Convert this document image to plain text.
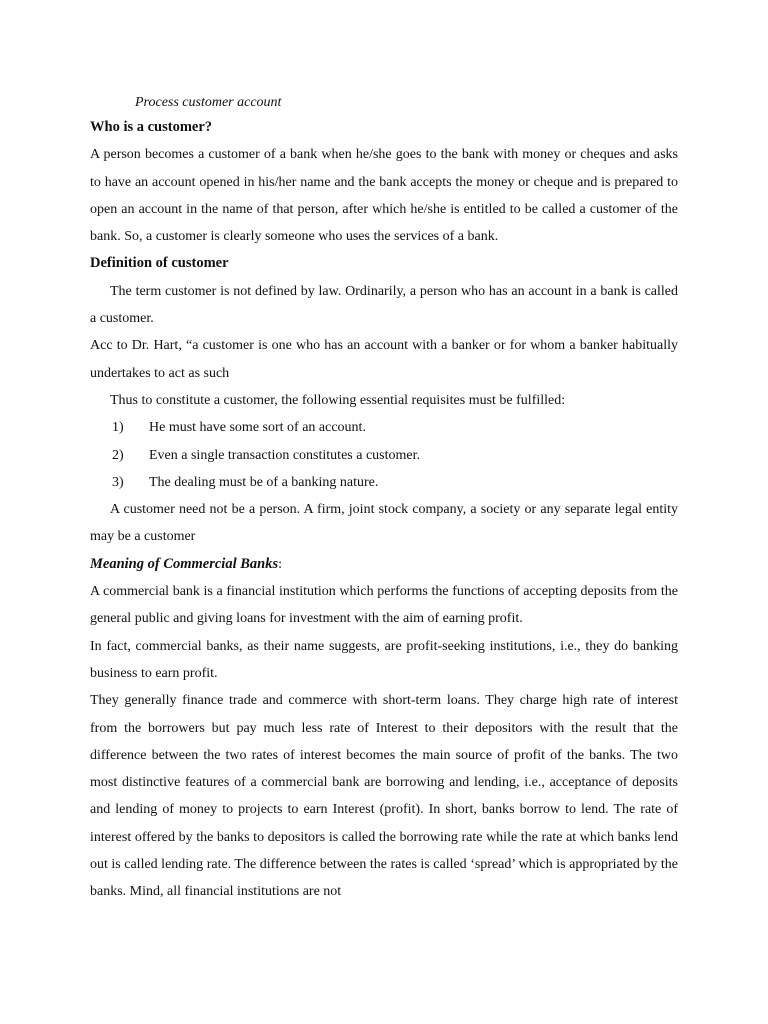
Process customer account

Who is a customer?

A person becomes a customer of a bank when he/she goes to the bank with money or cheques and asks to have an account opened in his/her name and the bank accepts the money or cheque and is prepared to open an account in the name of that person, after which he/she is entitled to be called a customer of the bank. So, a customer is clearly someone who uses the services of a bank.

Definition of customer

The term customer is not defined by law. Ordinarily, a person who has an account in a bank is called a customer.

Acc to Dr. Hart, “a customer is one who has an account with a banker or for whom a banker habitually undertakes to act as such

Thus to constitute a customer, the following essential requisites must be fulfilled:

1)	He must have some sort of an account.
2)	Even a single transaction constitutes a customer.
3)	The dealing must be of a banking nature.

A customer need not be a person. A firm, joint stock company, a society or any separate legal entity may be a customer

Meaning of Commercial Banks:

A commercial bank is a financial institution which performs the functions of accepting deposits from the general public and giving loans for investment with the aim of earning profit.

In fact, commercial banks, as their name suggests, are profit-seeking institutions, i.e., they do banking business to earn profit.

They generally finance trade and commerce with short-term loans. They charge high rate of interest from the borrowers but pay much less rate of Interest to their depositors with the result that the difference between the two rates of interest becomes the main source of profit of the banks. The two most distinctive features of a commercial bank are borrowing and lending, i.e., acceptance of deposits and lending of money to projects to earn Interest (profit). In short, banks borrow to lend. The rate of interest offered by the banks to depositors is called the borrowing rate while the rate at which banks lend out is called lending rate. The difference between the rates is called ‘spread’ which is appropriated by the banks. Mind, all financial institutions are not
